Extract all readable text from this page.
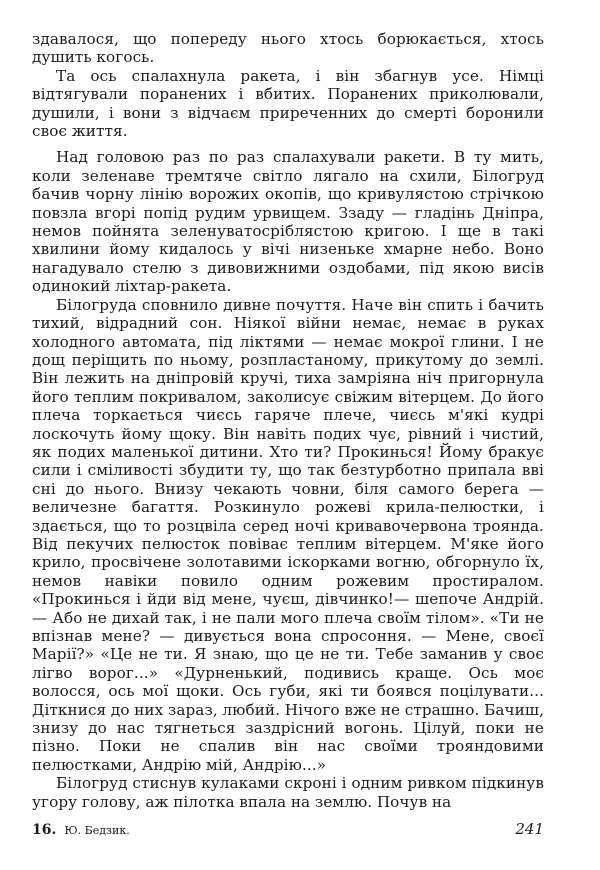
здавалося, що попереду нього хтось борюкається, хтось душить когось.

Та ось спалахнула ракета, і він збагнув усе. Німці відтягували поранених і вбитих. Поранених приколювали, душили, і вони з відчаєм приреченних до смерті боронили своє життя.

Над головою раз по раз спалахували ракети. В ту мить, коли зеленаве тремтяче світло лягало на схили, Білогруд бачив чорну лінію ворожих окопів, що кривулястою стрічкою повзла вгорі попід рудим урвищем. Ззаду — гладінь Дніпра, немов пойнята зеленуватосріблястою кригою. І ще в такі хвилини йому кидалось у вічі низеньке хмарне небо. Воно нагадувало стелю з дивовижними оздобами, під якою висів одинокий ліхтар-ракета.

Білогруда сповнило дивне почуття. Наче він спить і бачить тихий, відрадний сон. Ніякої війни немає, немає в руках холодного автомата, під ліктями — немає мокрої глини. І не дощ періщить по ньому, розпластаному, прикутому до землі. Він лежить на дніпровій кручі, тиха замріяна ніч пригорнула його теплим покривалом, заколисує свіжим вітерцем. До його плеча торкається чиєсь гаряче плече, чиєсь м'які кудрі лоскочуть йому щоку. Він навіть подих чує, рівний і чистий, як подих маленької дитини. Хто ти? Прокинься! Йому бракує сили і сміливості збудити ту, що так безтурботно припала вві сні до нього. Внизу чекають човни, біля самого берега — величезне багаття. Розкинуло рожеві крила-пелюстки, і здається, що то розцвіла серед ночі кривавочервона троянда. Від пекучих пелюсток повіває теплим вітерцем. М'яке його крило, просвічене золотавими іскорками вогню, обгорнуло їх, немов навіки повило одним рожевим простиралом. «Прокинься і йди від мене, чуєш, дівчинко!— шепоче Андрій.— Або не дихай так, і не пали мого плеча своїм тілом». «Ти не впізнав мене? — дивується вона спросоння. — Мене, своєї Марії?» «Це не ти. Я знаю, що це не ти. Тебе заманив у своє лігво ворог...» «Дурненький, подивись краще. Ось моє волосся, ось мої щоки. Ось губи, які ти боявся поцілувати... Діткнися до них зараз, любий. Нічого вже не страшно. Бачиш, знизу до нас тягнеться заздрісний вогонь. Цілуй, поки не пізно. Поки не спалив він нас своїми трояндовими пелюстками, Андрію мій, Андрію...»

Білогруд стиснув кулаками скроні і одним ривком підкинув угору голову, аж пілотка впала на землю. Почув на

16. Ю. Бедзик.	241
